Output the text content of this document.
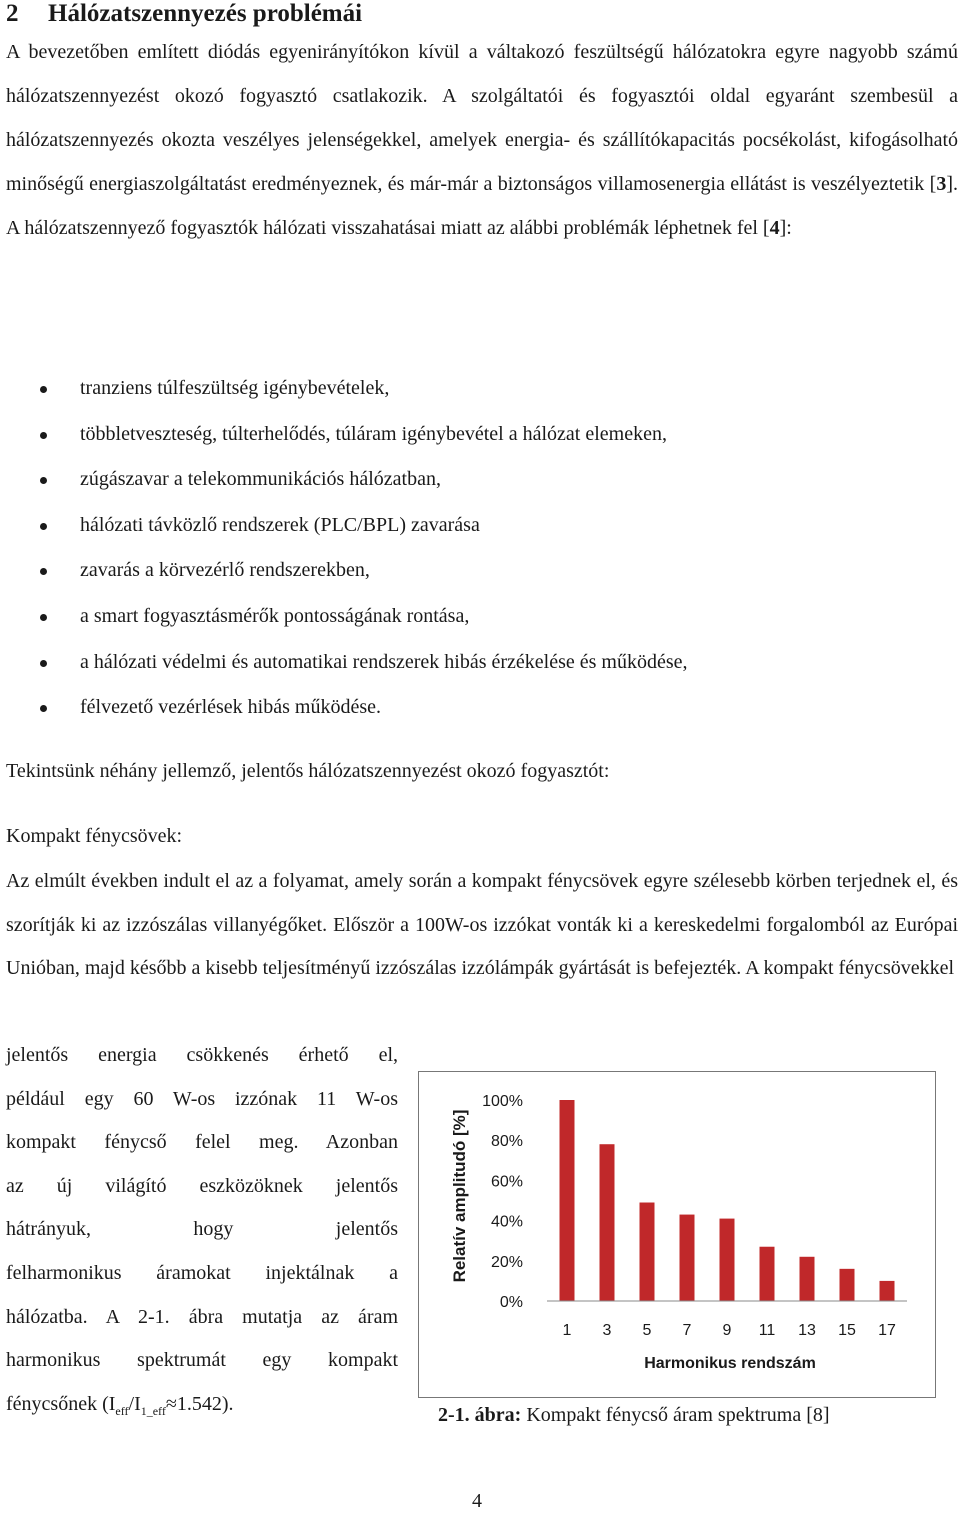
2 Hálózatszennyezés problémái

A bevezetőben említett diódás egyenirányítókon kívül a váltakozó feszültségű hálózatokra egyre nagyobb számú hálózatszennyezést okozó fogyasztó csatlakozik. A szolgáltatói és fogyasztói oldal egyaránt szembesül a hálózatszennyezés okozta veszélyes jelenségekkel, amelyek energia- és szállítókapacitás pocsékolást, kifogásolható minőségű energiaszolgáltatást eredményeznek, és már-már a biztonságos villamosenergia ellátást is veszélyeztetik [3]. A hálózatszennyező fogyasztók hálózati visszahatásai miatt az alábbi problémák léphetnek fel [4]:

tranziens túlfeszültség igénybevételek,
többletveszteség, túlterhelődés, túláram igénybevétel a hálózat elemeken,
zúgászavar a telekommunikációs hálózatban,
hálózati távközlő rendszerek (PLC/BPL) zavarása
zavarás a körvezérlő rendszerekben,
a smart fogyasztásmérők pontosságának rontása,
a hálózati védelmi és automatikai rendszerek hibás érzékelése és működése,
félvezető vezérlések hibás működése.

Tekintsünk néhány jellemző, jelentős hálózatszennyezést okozó fogyasztót:

Kompakt fénycsövek:

Az elmúlt években indult el az a folyamat, amely során a kompakt fénycsövek egyre szélesebb körben terjednek el, és szorítják ki az izzószálas villanyégőket. Először a 100W-os izzókat vonták ki a kereskedelmi forgalomból az Európai Unióban, majd később a kisebb teljesítményű izzószálas izzólámpák gyártását is befejezték. A kompakt fénycsövekkel

jelentős energia csökkenés érhető el,
például egy 60 W-os izzónak 11 W-os
kompakt fénycső felel meg. Azonban
az új világító eszközöknek jelentős
hátrányuk, hogy jelentős
felharmonikus áramokat injektálnak a
hálózatba. A 2-1. ábra mutatja az áram
harmonikus spektrumát egy kompakt
fénycsőnek $(I_{eff}/I_{1\_eff}\approx 1.542)$.
Relatív amplitudó [%]
Harmonikus rendszám
0%
20%
40%
60%
80%
100%
1 3 5 7 9 11 13 15 17

2-1. ábra: Kompakt fénycső áram spektruma [8]

4
